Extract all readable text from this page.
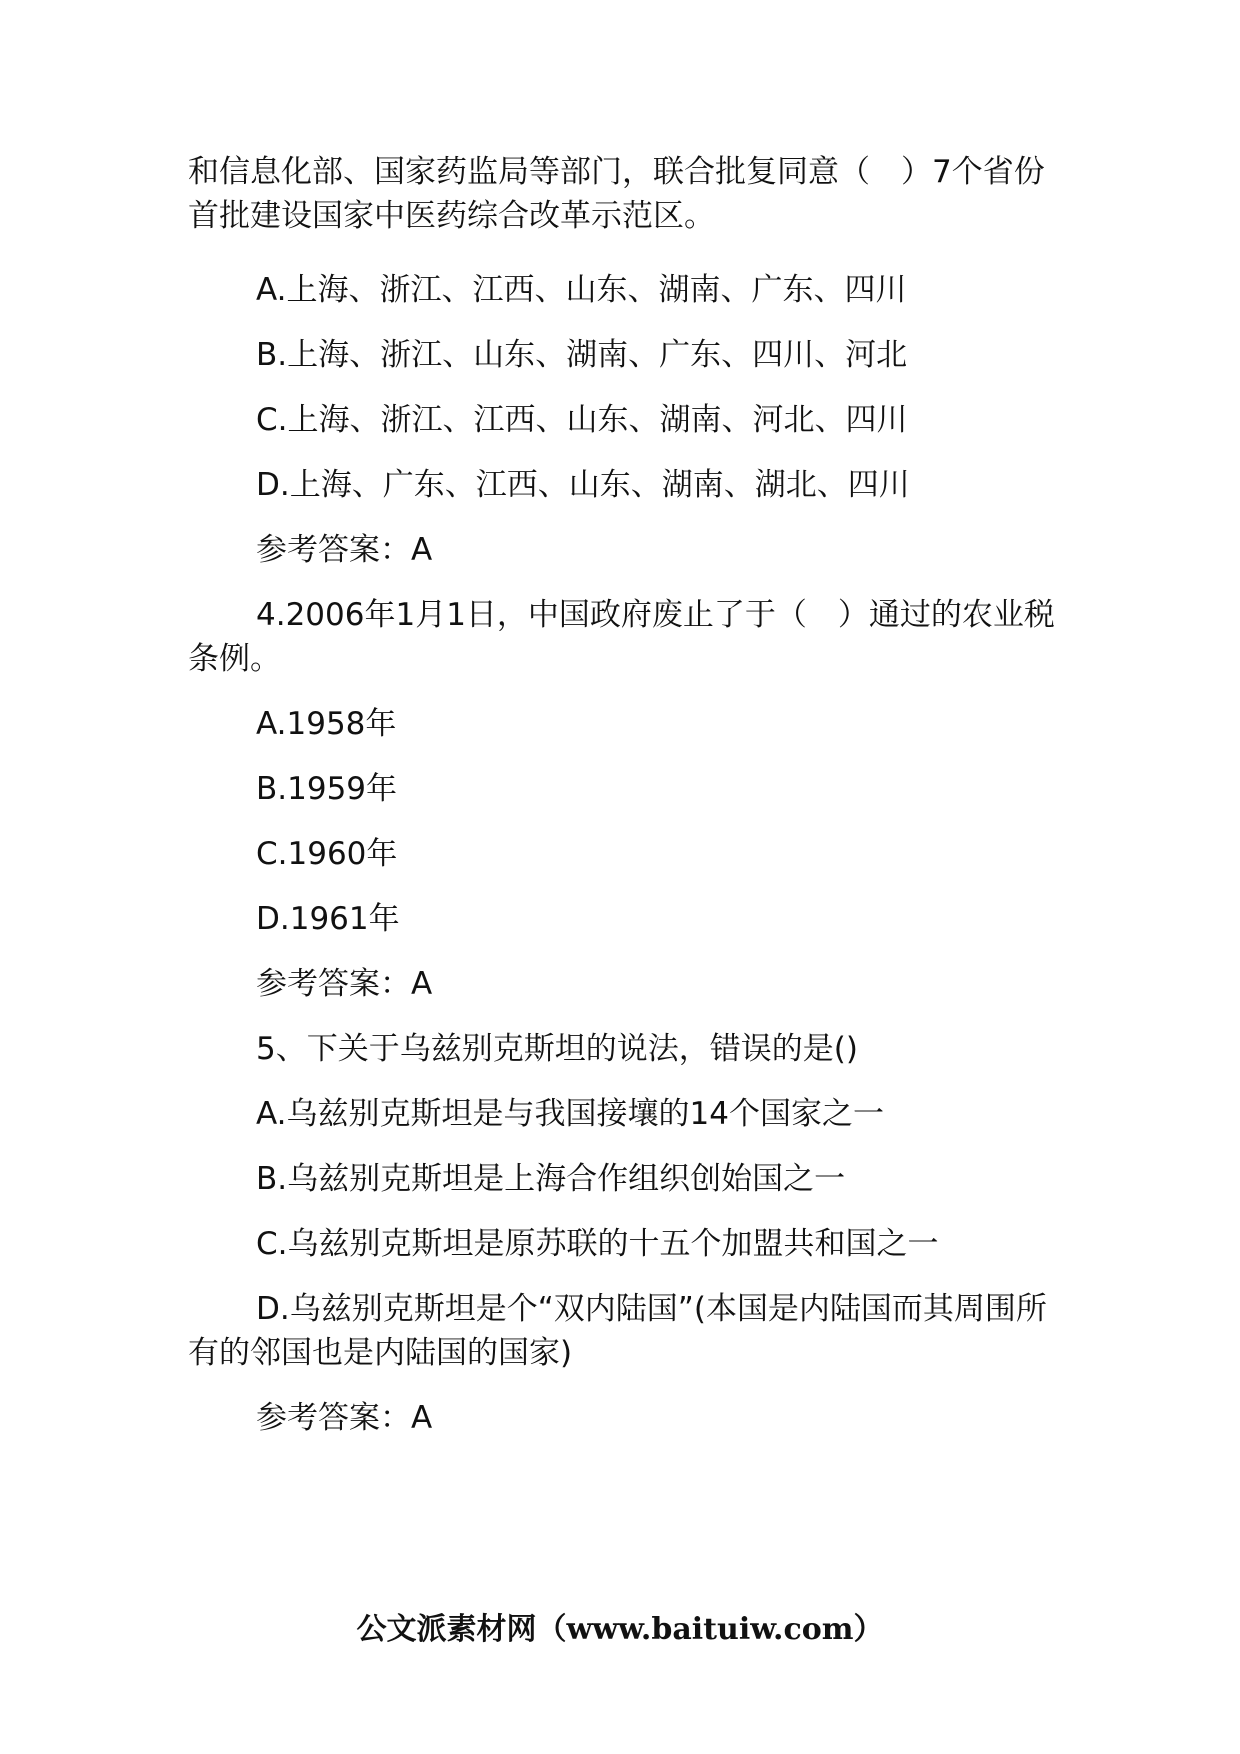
和信息化部、国家药监局等部门，联合批复同意（　）7个省份首批建设国家中医药综合改革示范区。

A.上海、浙江、江西、山东、湖南、广东、四川

B.上海、浙江、山东、湖南、广东、四川、河北

C.上海、浙江、江西、山东、湖南、河北、四川

D.上海、广东、江西、山东、湖南、湖北、四川

参考答案：A

4.2006年1月1日，中国政府废止了于（　）通过的农业税条例。

A.1958年

B.1959年

C.1960年

D.1961年

参考答案：A

5、下关于乌兹别克斯坦的说法，错误的是()

A.乌兹别克斯坦是与我国接壤的14个国家之一

B.乌兹别克斯坦是上海合作组织创始国之一

C.乌兹别克斯坦是原苏联的十五个加盟共和国之一

D.乌兹别克斯坦是个“双内陆国”(本国是内陆国而其周围所有的邻国也是内陆国的国家)

参考答案：A

公文派素材网（www.baituiw.com）
